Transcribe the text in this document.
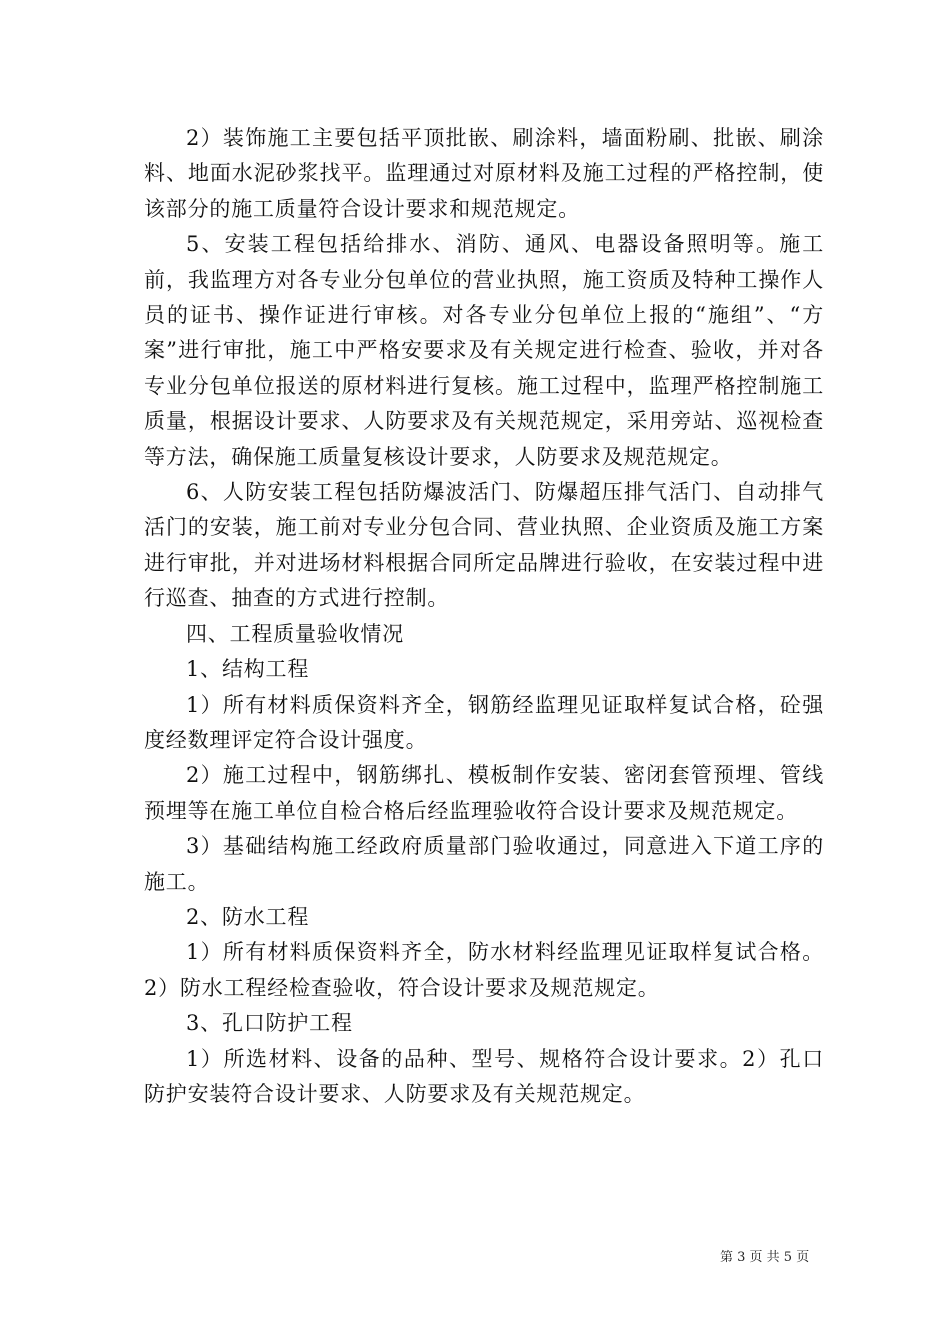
2）装饰施工主要包括平顶批嵌、刷涂料，墙面粉刷、批嵌、刷涂料、地面水泥砂浆找平。监理通过对原材料及施工过程的严格控制，使该部分的施工质量符合设计要求和规范规定。

5、安装工程包括给排水、消防、通风、电器设备照明等。施工前，我监理方对各专业分包单位的营业执照，施工资质及特种工操作人员的证书、操作证进行审核。对各专业分包单位上报的“施组”、“方案”进行审批，施工中严格安要求及有关规定进行检查、验收，并对各专业分包单位报送的原材料进行复核。施工过程中，监理严格控制施工质量，根据设计要求、人防要求及有关规范规定，采用旁站、巡视检查等方法，确保施工质量复核设计要求，人防要求及规范规定。

6、人防安装工程包括防爆波活门、防爆超压排气活门、自动排气活门的安装，施工前对专业分包合同、营业执照、企业资质及施工方案进行审批，并对进场材料根据合同所定品牌进行验收，在安装过程中进行巡查、抽查的方式进行控制。

四、工程质量验收情况

1、结构工程

1）所有材料质保资料齐全，钢筋经监理见证取样复试合格，砼强度经数理评定符合设计强度。

2）施工过程中，钢筋绑扎、模板制作安装、密闭套管预埋、管线预埋等在施工单位自检合格后经监理验收符合设计要求及规范规定。

3）基础结构施工经政府质量部门验收通过，同意进入下道工序的施工。

2、防水工程

1）所有材料质保资料齐全，防水材料经监理见证取样复试合格。2）防水工程经检查验收，符合设计要求及规范规定。

3、孔口防护工程

1）所选材料、设备的品种、型号、规格符合设计要求。2）孔口防护安装符合设计要求、人防要求及有关规范规定。

第 3 页 共 5 页
